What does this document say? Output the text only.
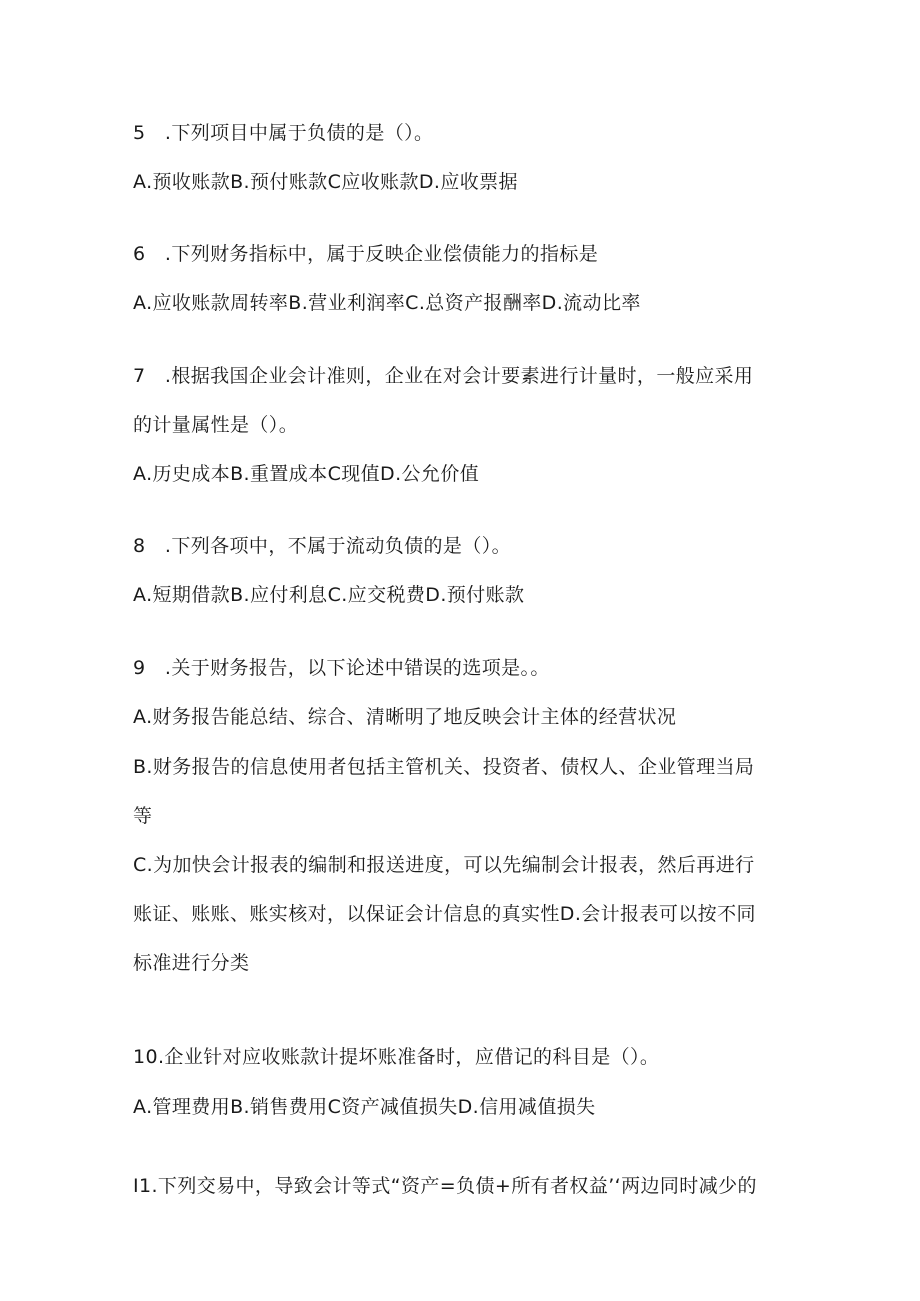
5　.下列项目中属于负债的是（）。
A.预收账款B.预付账款C应收账款D.应收票据
6　.下列财务指标中，属于反映企业偿债能力的指标是
A.应收账款周转率B.营业利润率C.总资产报酬率D.流动比率
7　.根据我国企业会计准则，企业在对会计要素进行计量时，一般应采用
的计量属性是（）。
A.历史成本B.重置成本C现值D.公允价值
8　.下列各项中，不属于流动负债的是（）。
A.短期借款B.应付利息C.应交税费D.预付账款
9　.关于财务报告，以下论述中错误的选项是。。
A.财务报告能总结、综合、清晰明了地反映会计主体的经营状况
B.财务报告的信息使用者包括主管机关、投资者、债权人、企业管理当局
等
C.为加快会计报表的编制和报送进度，可以先编制会计报表，然后再进行
账证、账账、账实核对，以保证会计信息的真实性D.会计报表可以按不同
标准进行分类
10.企业针对应收账款计提坏账准备时，应借记的科目是（）。
A.管理费用B.销售费用C资产减值损失D.信用减值损失
I1.下列交易中，导致会计等式“资产=负债+所有者权益’‘两边同时减少的
